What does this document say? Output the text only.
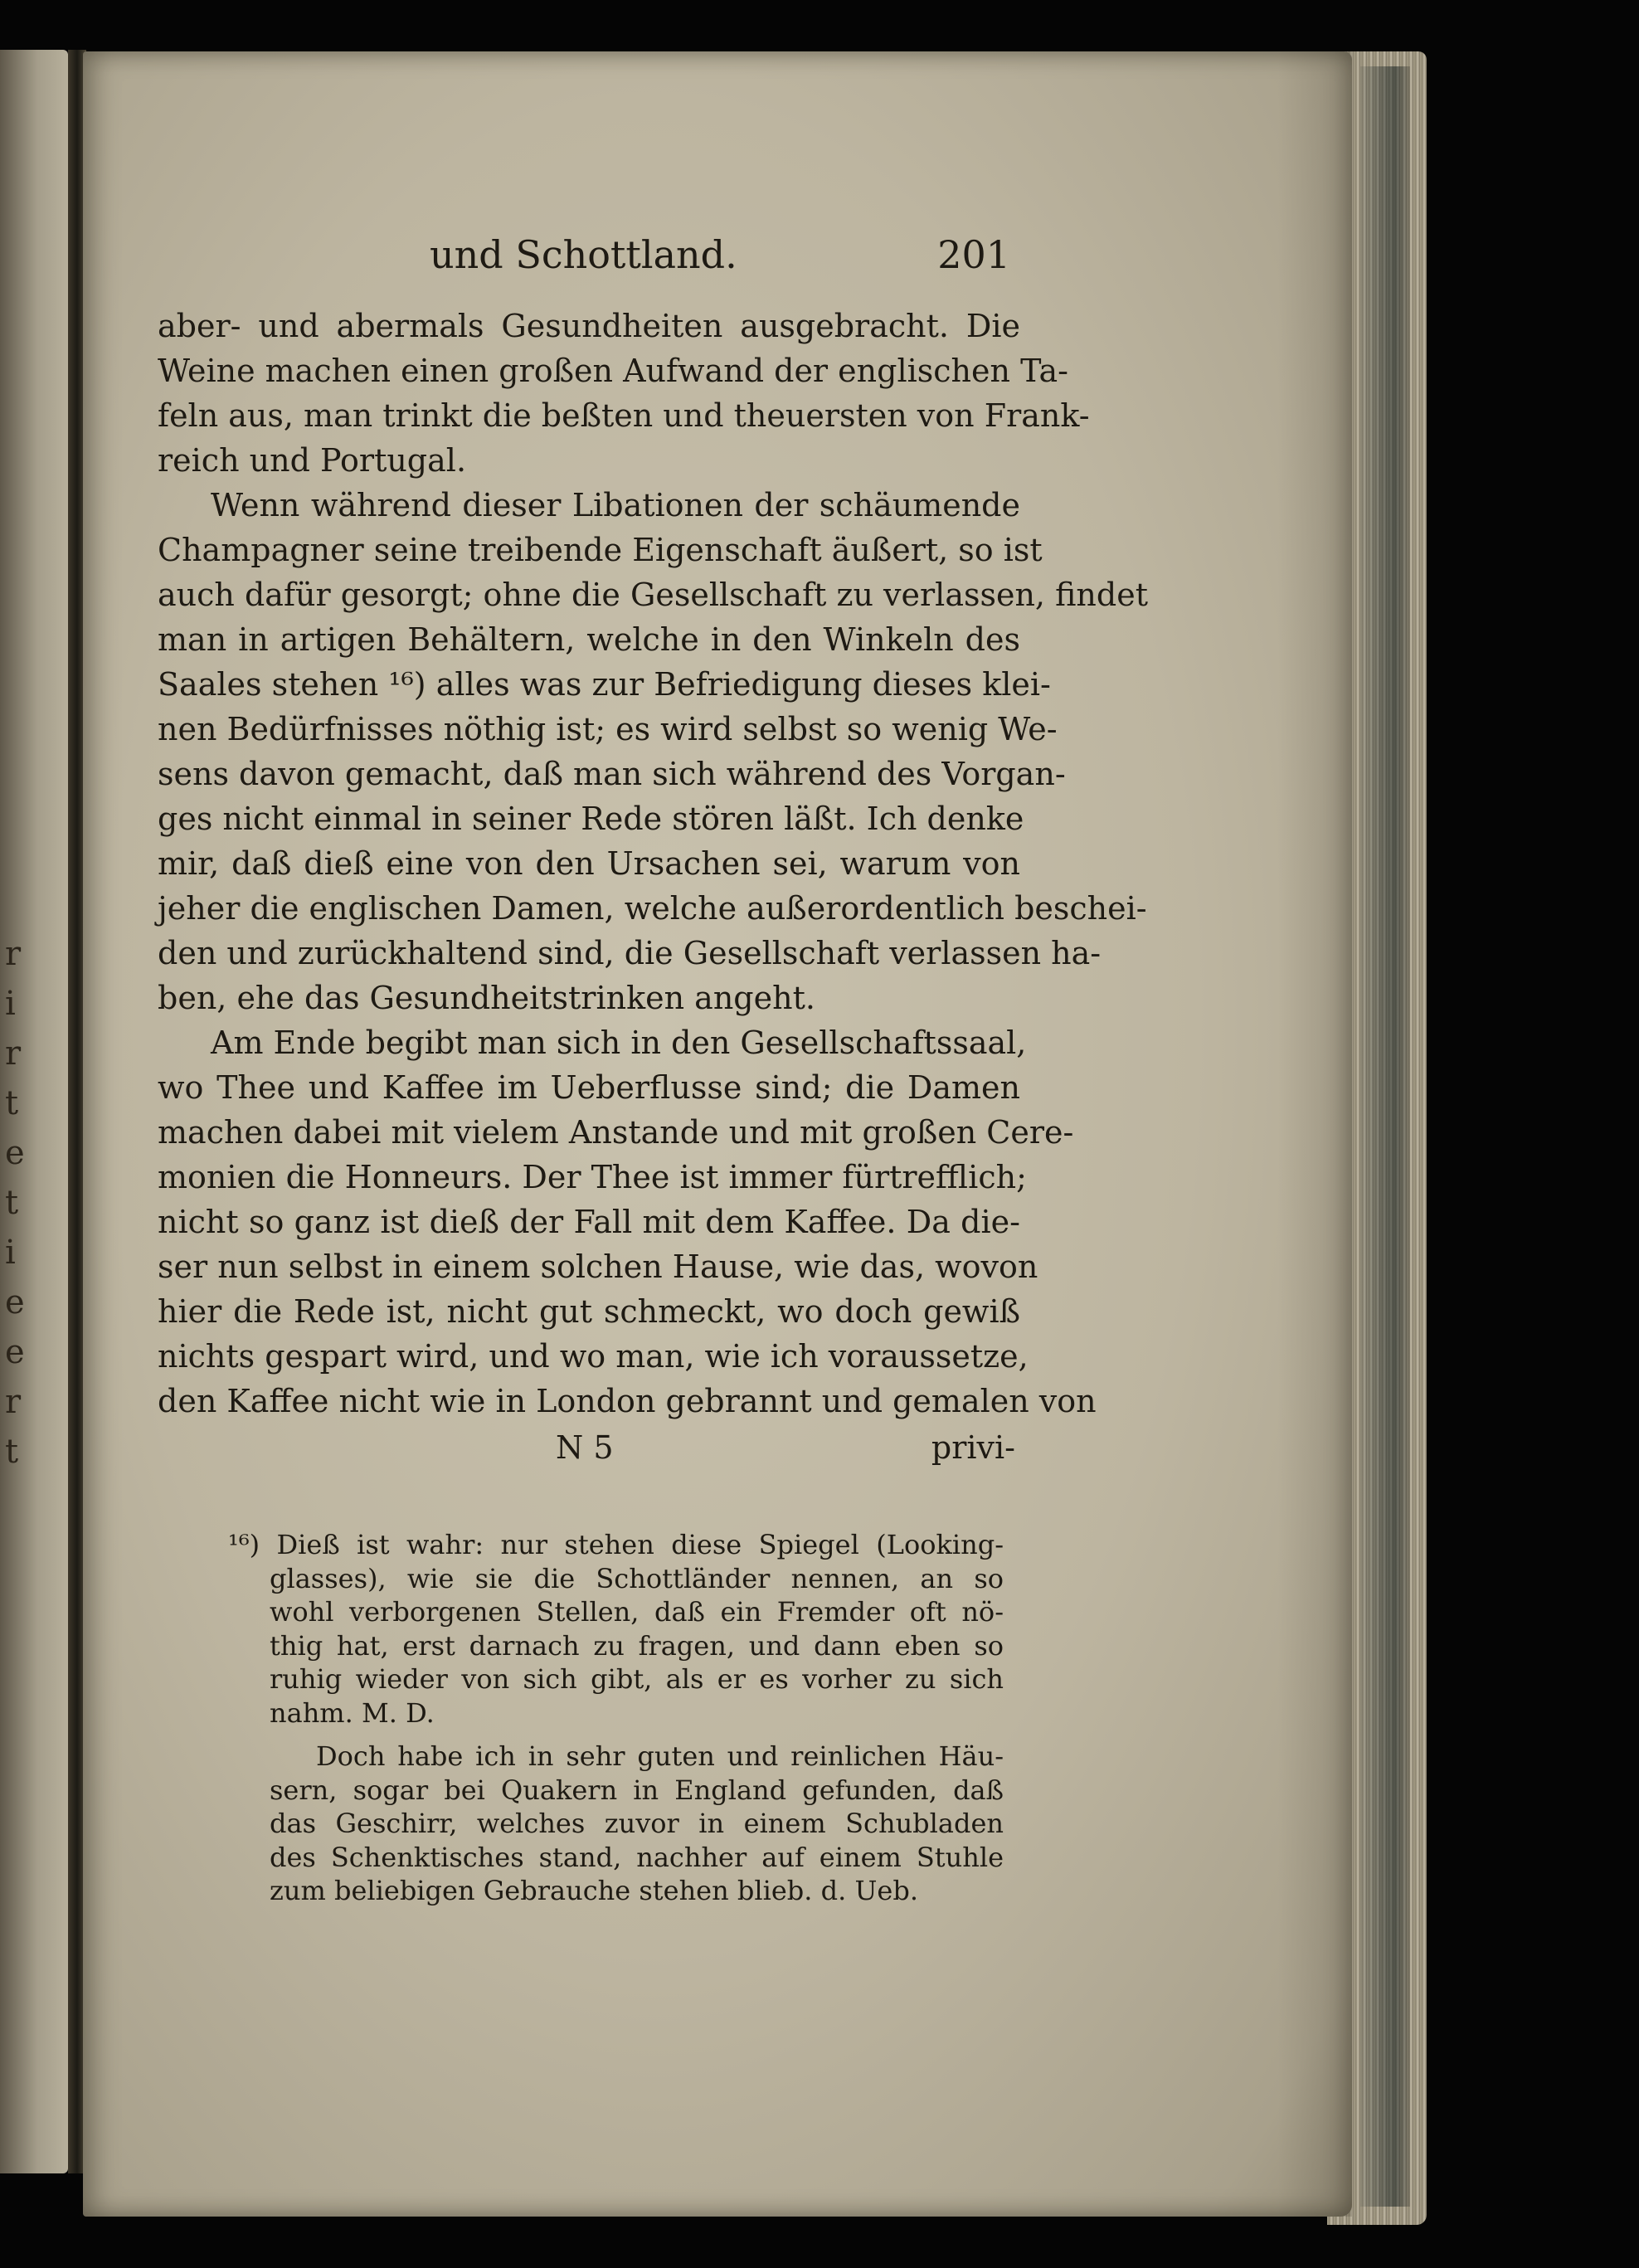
r
i
r
t
e
t
i
e
e
r
t
und Schottland.	201
aber- und abermals Gesundheiten ausgebracht. Die
Weine machen einen großen Aufwand der englischen Ta-
feln aus, man trinkt die beßten und theuersten von Frank-
reich und Portugal.
Wenn während dieser Libationen der schäumende
Champagner seine treibende Eigenschaft äußert, so ist
auch dafür gesorgt; ohne die Gesellschaft zu verlassen, findet
man in artigen Behältern, welche in den Winkeln des
Saales stehen ¹⁶) alles was zur Befriedigung dieses klei-
nen Bedürfnisses nöthig ist; es wird selbst so wenig We-
sens davon gemacht, daß man sich während des Vorgan-
ges nicht einmal in seiner Rede stören läßt. Ich denke
mir, daß dieß eine von den Ursachen sei, warum von
jeher die englischen Damen, welche außerordentlich beschei-
den und zurückhaltend sind, die Gesellschaft verlassen ha-
ben, ehe das Gesundheitstrinken angeht.
Am Ende begibt man sich in den Gesellschaftssaal,
wo Thee und Kaffee im Ueberflusse sind; die Damen
machen dabei mit vielem Anstande und mit großen Cere-
monien die Honneurs. Der Thee ist immer fürtrefflich;
nicht so ganz ist dieß der Fall mit dem Kaffee. Da die-
ser nun selbst in einem solchen Hause, wie das, wovon
hier die Rede ist, nicht gut schmeckt, wo doch gewiß
nichts gespart wird, und wo man, wie ich voraussetze,
den Kaffee nicht wie in London gebrannt und gemalen von
N 5	privi-
¹⁶) Dieß ist wahr: nur stehen diese Spiegel (Looking-
glasses), wie sie die Schottländer nennen, an so
wohl verborgenen Stellen, daß ein Fremder oft nö-
thig hat, erst darnach zu fragen, und dann eben so
ruhig wieder von sich gibt, als er es vorher zu sich
nahm. M. D.
Doch habe ich in sehr guten und reinlichen Häu-
sern, sogar bei Quakern in England gefunden, daß
das Geschirr, welches zuvor in einem Schubladen
des Schenktisches stand, nachher auf einem Stuhle
zum beliebigen Gebrauche stehen blieb. d. Ueb.
